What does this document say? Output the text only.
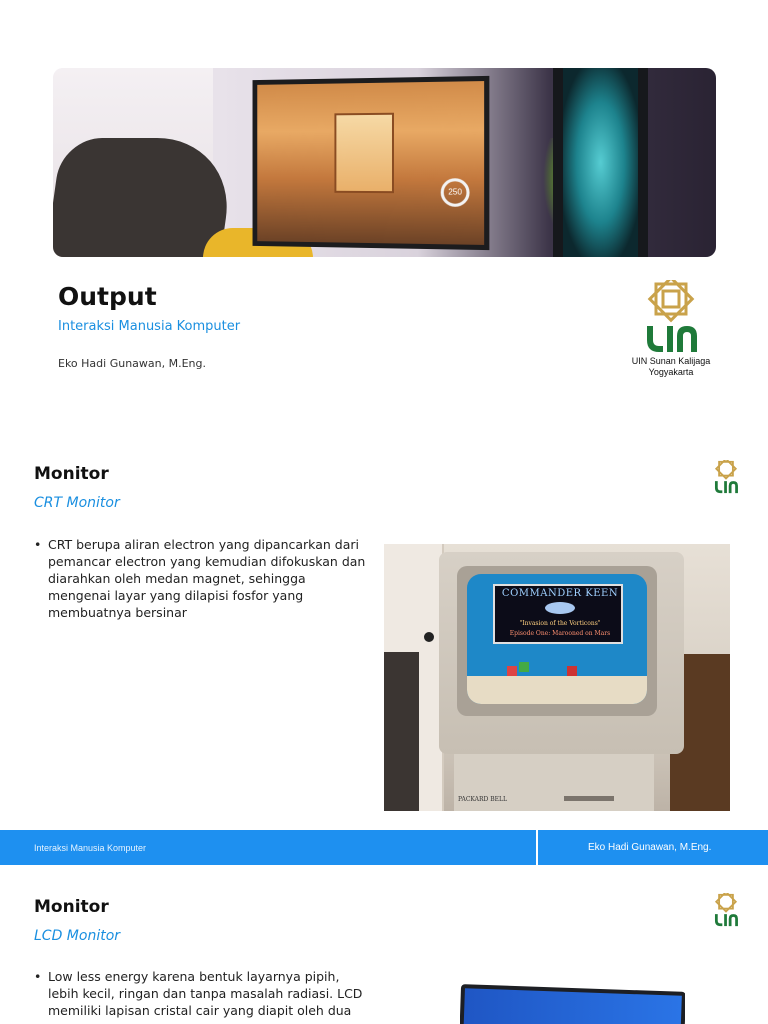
250
Output
Interaksi Manusia Komputer
Eko Hadi Gunawan, M.Eng.	UIN Sunan Kalijaga
Yogyakarta
Monitor
CRT Monitor
• CRT berupa aliran electron yang dipancarkan dari pemancar electron yang kemudian difokuskan dan diarahkan oleh medan magnet, sehingga mengenai layar yang dilapisi fosfor yang membuatnya bersinar
COMMANDER KEEN
"Invasion of the Vorticons"
Episode One: Marooned on Mars
PACKARD BELL
Interaksi Manusia Komputer	Eko Hadi Gunawan, M.Eng.
Monitor
LCD Monitor
• Low less energy karena bentuk layarnya pipih, lebih kecil, ringan dan tanpa masalah radiasi. LCD memiliki lapisan cristal cair yang diapit oleh dua
